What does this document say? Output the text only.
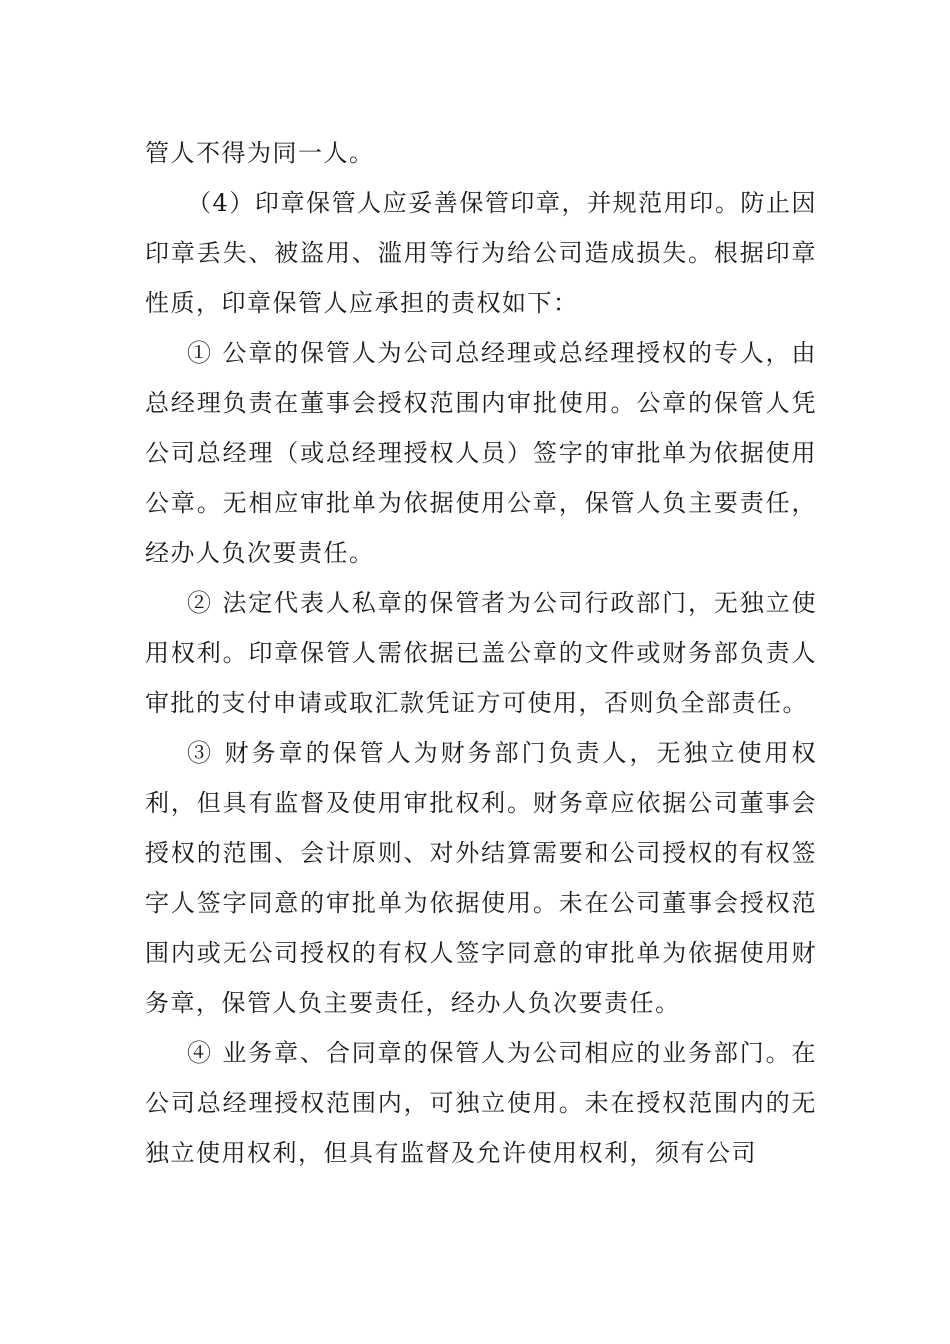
管人不得为同一人。

（4）印章保管人应妥善保管印章，并规范用印。防止因印章丢失、被盗用、滥用等行为给公司造成损失。根据印章性质，印章保管人应承担的责权如下：

① 公章的保管人为公司总经理或总经理授权的专人，由总经理负责在董事会授权范围内审批使用。公章的保管人凭公司总经理（或总经理授权人员）签字的审批单为依据使用公章。无相应审批单为依据使用公章，保管人负主要责任，经办人负次要责任。

② 法定代表人私章的保管者为公司行政部门，无独立使用权利。印章保管人需依据已盖公章的文件或财务部负责人审批的支付申请或取汇款凭证方可使用，否则负全部责任。

③ 财务章的保管人为财务部门负责人，无独立使用权利，但具有监督及使用审批权利。财务章应依据公司董事会授权的范围、会计原则、对外结算需要和公司授权的有权签字人签字同意的审批单为依据使用。未在公司董事会授权范围内或无公司授权的有权人签字同意的审批单为依据使用财务章，保管人负主要责任，经办人负次要责任。

④ 业务章、合同章的保管人为公司相应的业务部门。在公司总经理授权范围内，可独立使用。未在授权范围内的无独立使用权利，但具有监督及允许使用权利，须有公司
